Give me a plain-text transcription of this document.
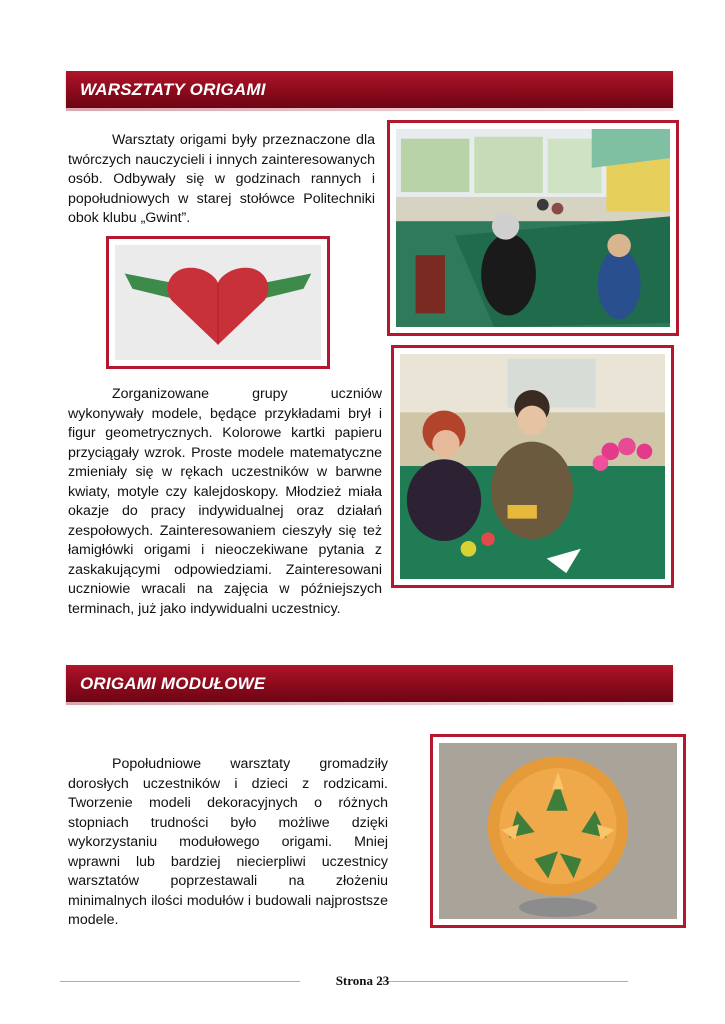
WARSZTATY ORIGAMI

Warsztaty origami były przeznaczone dla twórczych nauczycieli i innych zainteresowanych osób. Odbywały się w godzinach rannych i popołudniowych w starej stołówce Politechniki obok klubu „Gwint”.

Zorganizowane grupy uczniów wykonywały modele, będące przykładami brył i figur geometrycznych. Kolorowe kartki papieru przyciągały wzrok. Proste modele matematyczne zmieniały się w rękach uczestników w barwne kwiaty, motyle czy kalejdoskopy. Młodzież miała okazje do pracy indywidualnej oraz działań zespołowych. Zainteresowaniem cieszyły się też łamigłówki origami i nieoczekiwane pytania z zaskakującymi odpowiedziami. Zainteresowani uczniowie wracali na zajęcia w późniejszych terminach, już jako indywidualni uczestnicy.

ORIGAMI MODUŁOWE

Popołudniowe warsztaty gromadziły dorosłych uczestników i dzieci z rodzicami. Tworzenie modeli dekoracyjnych o różnych stopniach trudności było możliwe dzięki wykorzystaniu modułowego origami. Mniej wprawni lub bardziej niecierpliwi uczestnicy warsztatów poprzestawali na złożeniu minimalnych ilości modułów i budowali najprostsze modele.

Strona 23
